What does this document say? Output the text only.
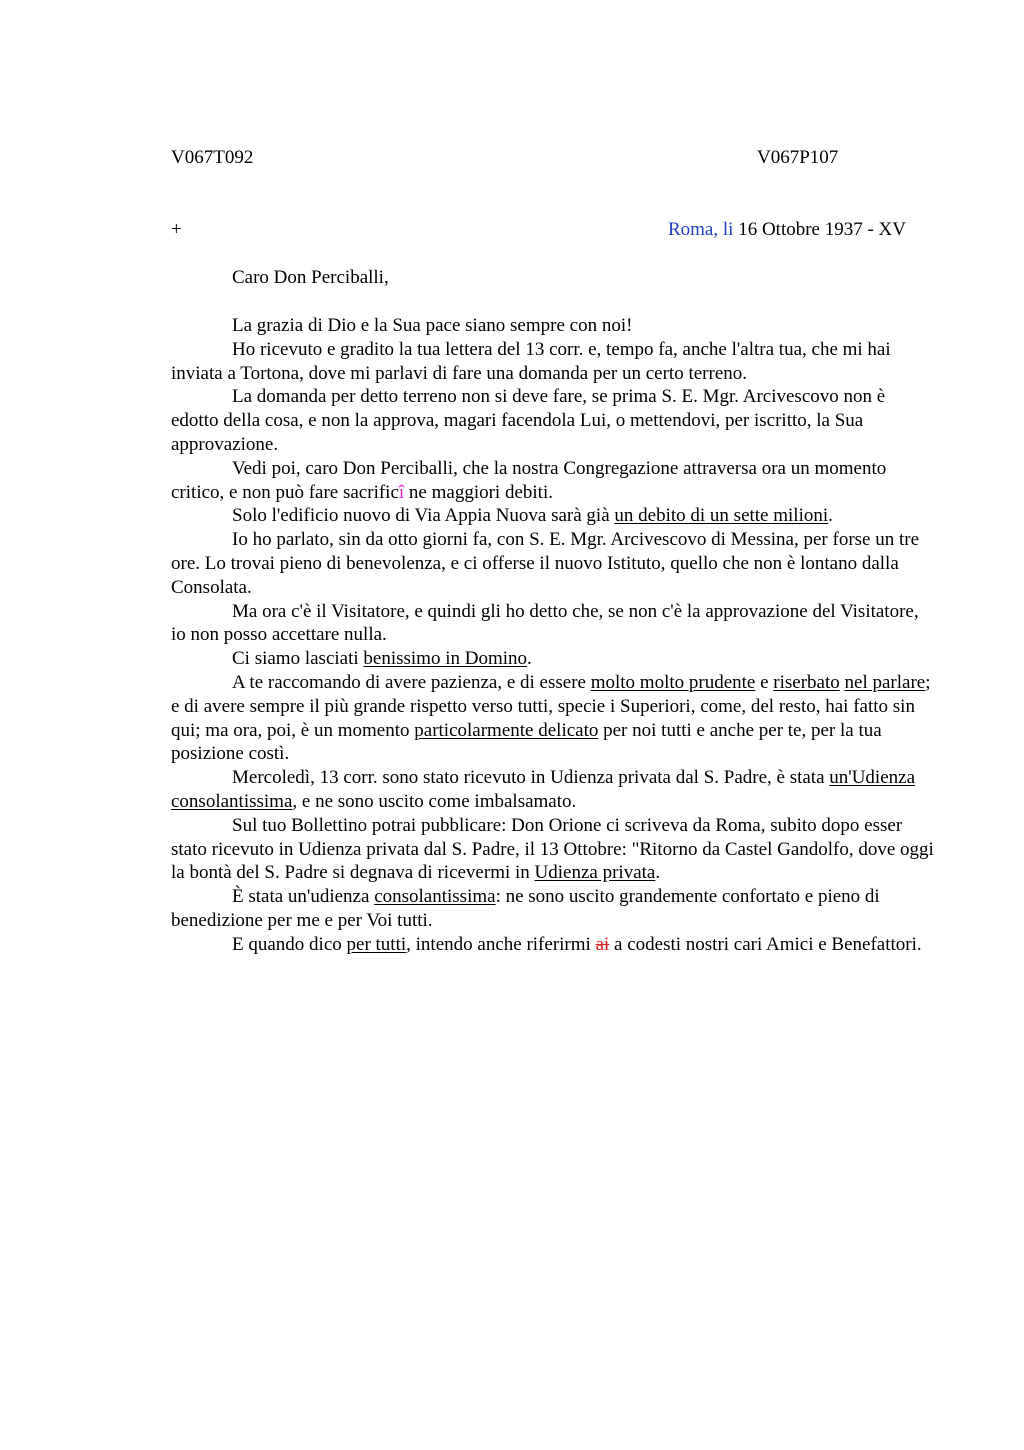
V067T092	V067P107
+	Roma, li 16 Ottobre 1937 - XV
Caro Don Perciballi,

La grazia di Dio e la Sua pace siano sempre con noi!

Ho ricevuto e gradito la tua lettera del 13 corr. e, tempo fa, anche l'altra tua, che mi hai inviata a Tortona, dove mi parlavi di fare una domanda per un certo terreno.

La domanda per detto terreno non si deve fare, se prima S. E. Mgr. Arcivescovo non è edotto della cosa, e non la approva, magari facendola Lui, o mettendovi, per iscritto, la Sua approvazione.

Vedi poi, caro Don Perciballi, che la nostra Congregazione attraversa ora un momento critico, e non può fare sacrificî ne maggiori debiti.

Solo l'edificio nuovo di Via Appia Nuova sarà già un debito di un sette milioni.

Io ho parlato, sin da otto giorni fa, con S. E. Mgr. Arcivescovo di Messina, per forse un tre ore. Lo trovai pieno di benevolenza, e ci offerse il nuovo Istituto, quello che non è lontano dalla Consolata.

Ma ora c'è il Visitatore, e quindi gli ho detto che, se non c'è la approvazione del Visitatore, io non posso accettare nulla.

Ci siamo lasciati benissimo in Domino.

A te raccomando di avere pazienza, e di essere molto molto prudente e riserbato nel parlare; e di avere sempre il più grande rispetto verso tutti, specie i Superiori, come, del resto, hai fatto sin qui; ma ora, poi, è un momento particolarmente delicato per noi tutti e anche per te, per la tua posizione costì.

Mercoledì, 13 corr. sono stato ricevuto in Udienza privata dal S. Padre, è stata un'Udienza consolantissima, e ne sono uscito come imbalsamato.

Sul tuo Bollettino potrai pubblicare: Don Orione ci scriveva da Roma, subito dopo esser stato ricevuto in Udienza privata dal S. Padre, il 13 Ottobre: "Ritorno da Castel Gandolfo, dove oggi la bontà del S. Padre si degnava di ricevermi in Udienza privata.

È stata un'udienza consolantissima: ne sono uscito grandemente confortato e pieno di benedizione per me e per Voi tutti.

E quando dico per tutti, intendo anche riferirmi ai a codesti nostri cari Amici e Benefattori.
